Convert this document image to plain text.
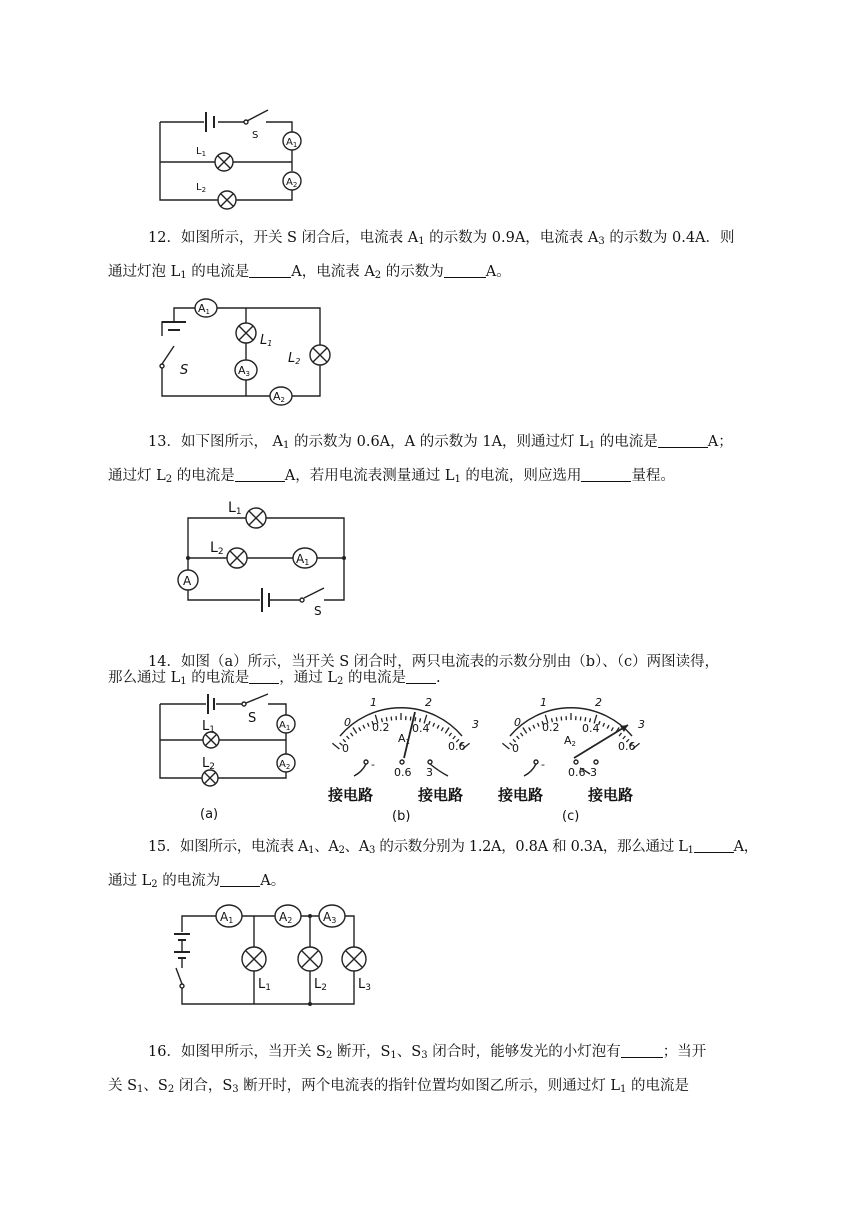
S
$A_1$
$A_2$
$L_1$
$L_2$
12．如图所示，开关 S 闭合后，电流表 $A_1$ 的示数为 0.9A，电流表 $A_3$ 的示数为 0.4A．则
通过灯泡 $L_1$ 的电流是	A，电流表 $A_2$ 的示数为	A。
S
A1
L1
A3
L2
A2
13．如下图所示， $A_1$ 的示数为 0.6A，A 的示数为 1A，则通过灯 $L_1$ 的电流是	A；
通过灯 $L_2$ 的电流是	A，若用电流表测量通过 $L_1$ 的电流，则应选用	量程。
L1
L2	A1
A
S
14．如图（a）所示，当开关 S 闭合时，两只电流表的示数分别由（b）、（c）两图读得，
那么通过 $L_1$ 的电流是 ，通过 $L_2$ 的电流是 .
S
L1
L2
$A_1$
$A_2$
(a)
0
1	2
3
0
0.2 0.4
0.6
A1
-
0.6 3
接电路	接电路
(b)
0
1	2
3
0
0.2 0.4
0.6
A2
-
0.6 3
接电路	接电路
(c)
15．如图所示，电流表 $A_1$、$A_2$、$A_3$ 的示数分别为 1.2A，0.8A 和 0.3A，那么通过 $L_1$	A，
通过 $L_2$ 的电流为	A。
A1	A2	A3
L1	L2 L3
16．如图甲所示，当开关 $S_2$ 断开，$S_1$、$S_3$ 闭合时，能够发光的小灯泡有	；当开
关 $S_1$、$S_2$ 闭合，$S_3$ 断开时，两个电流表的指针位置均如图乙所示，则通过灯 $L_1$ 的电流是
